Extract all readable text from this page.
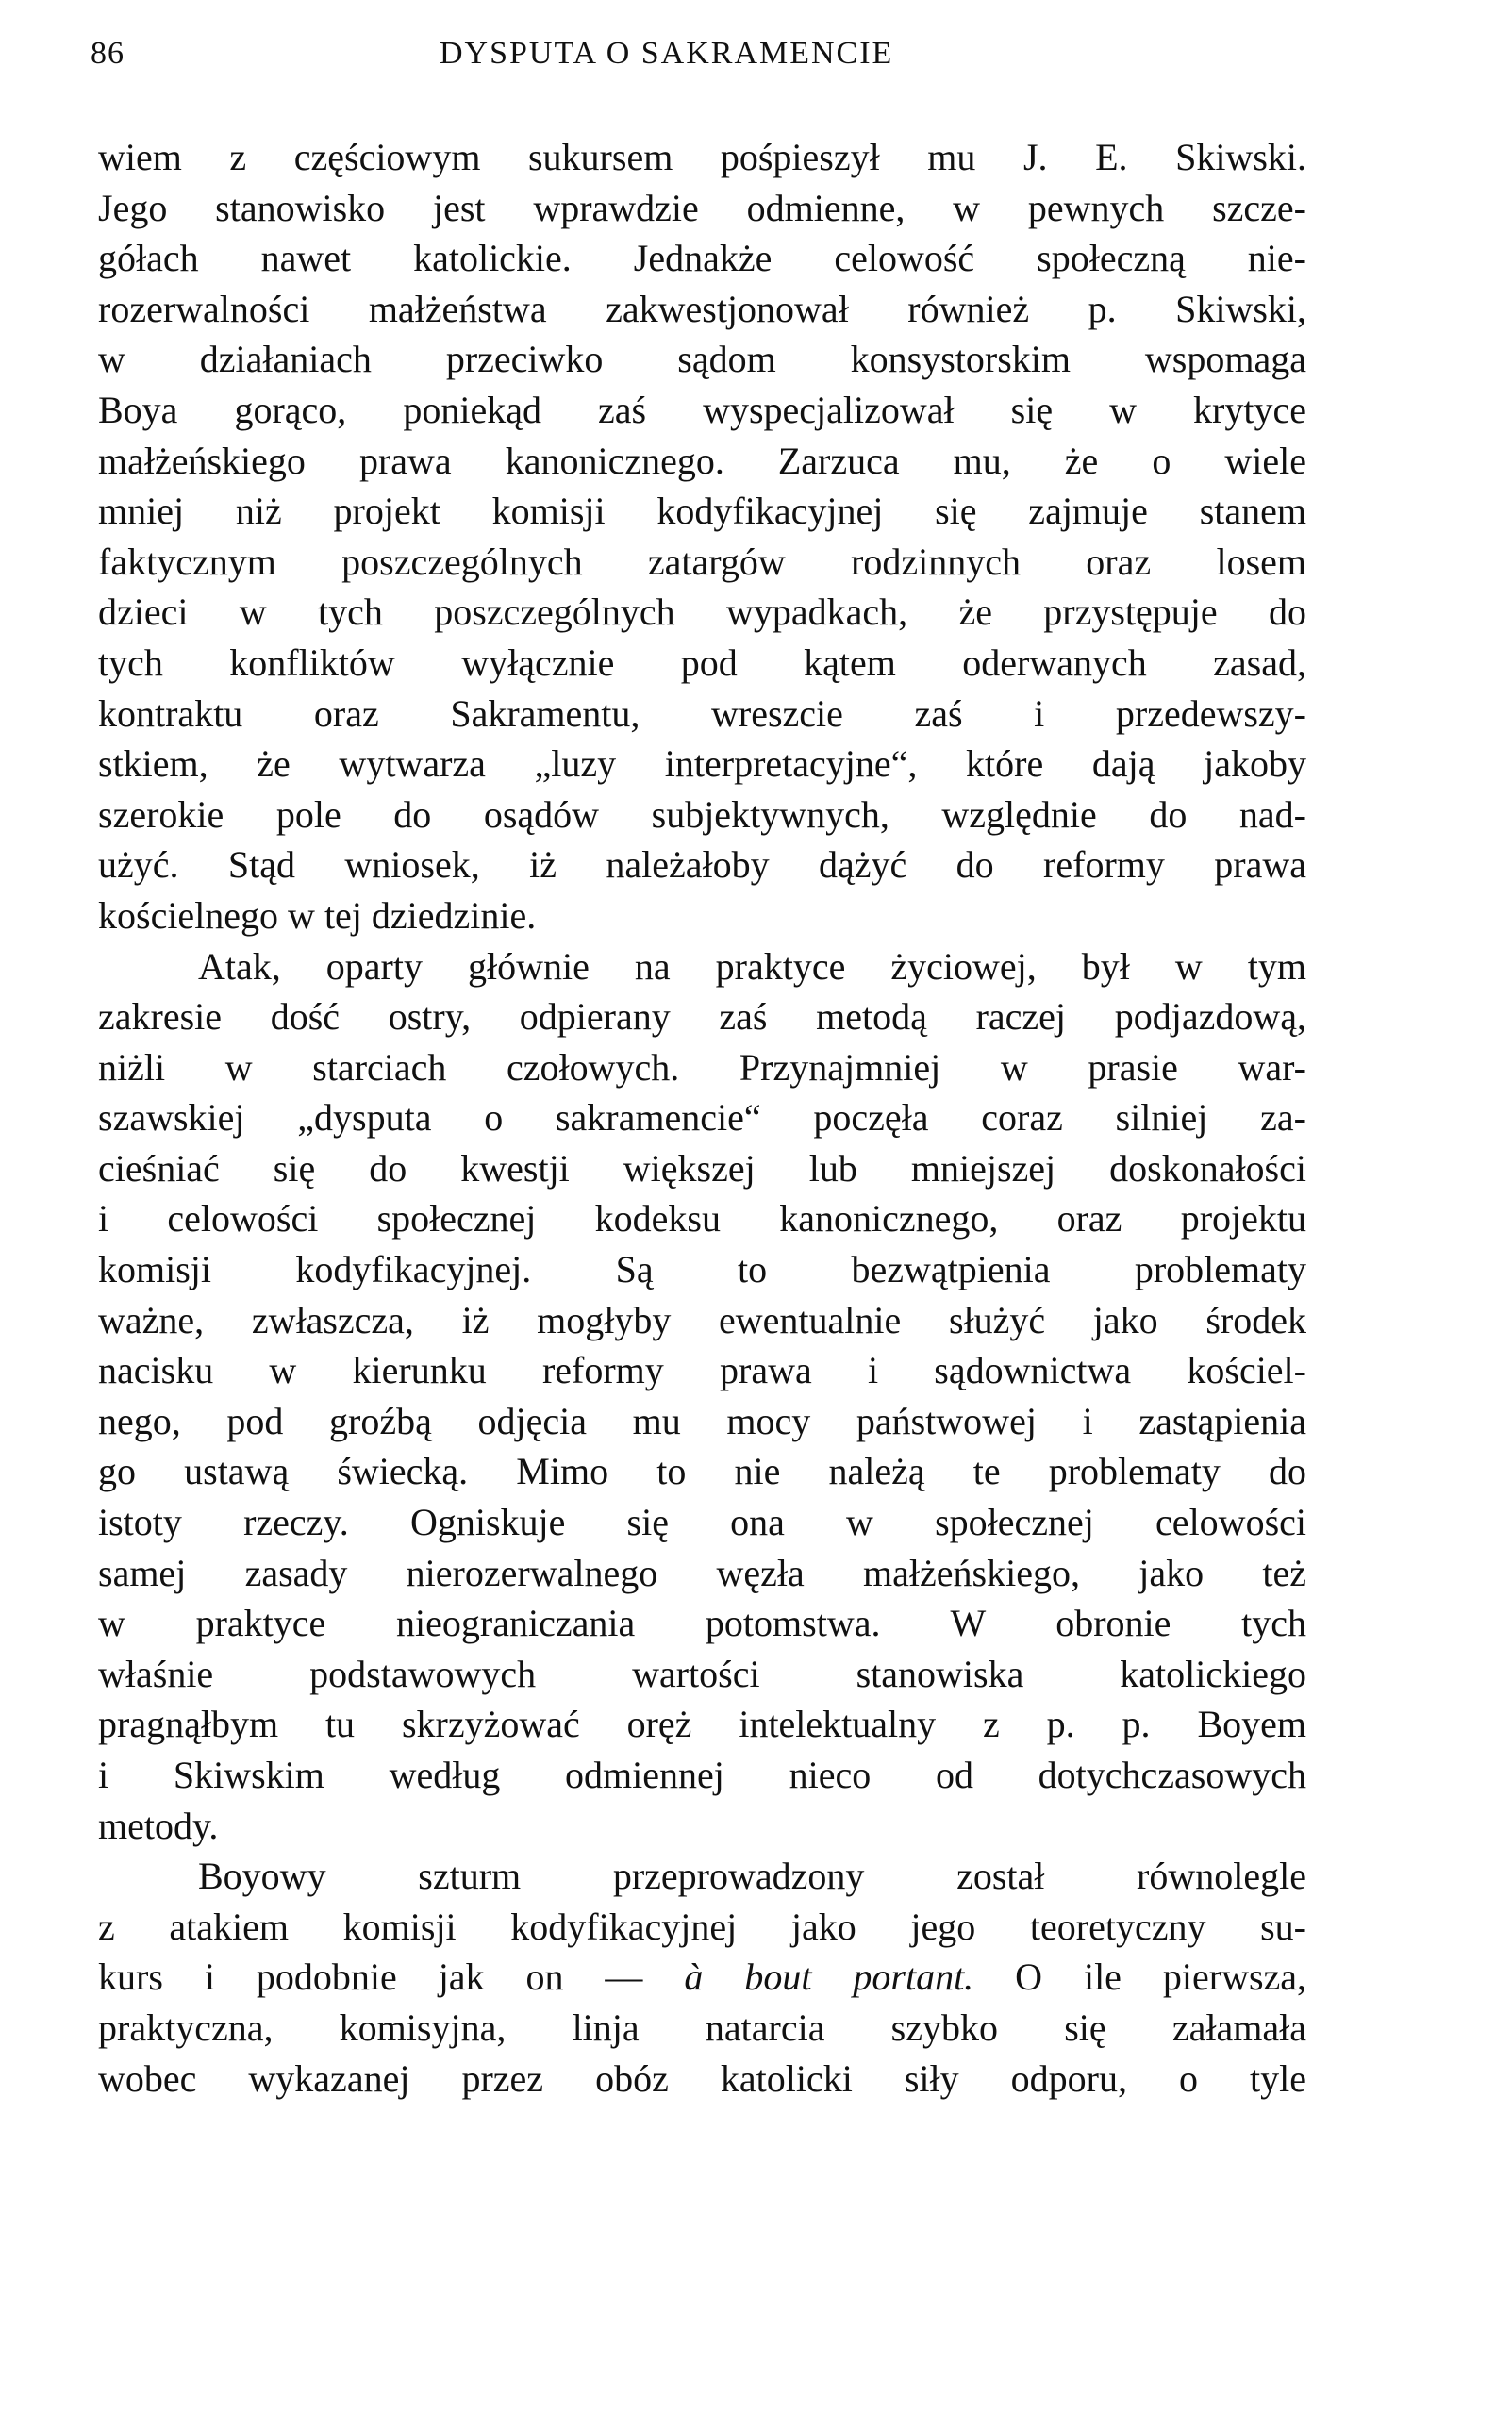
86	DYSPUTA O SAKRAMENCIE
wiem z częściowym sukursem pośpieszył mu J. E. Skiwski.
Jego stanowisko jest wprawdzie odmienne, w pewnych szcze-
gółach nawet katolickie. Jednakże celowość społeczną nie-
rozerwalności małżeństwa zakwestjonował również p. Skiwski,
w działaniach przeciwko sądom konsystorskim wspomaga
Boya gorąco, poniekąd zaś wyspecjalizował się w krytyce
małżeńskiego prawa kanonicznego. Zarzuca mu, że o wiele
mniej niż projekt komisji kodyfikacyjnej się zajmuje stanem
faktycznym poszczególnych zatargów rodzinnych oraz losem
dzieci w tych poszczególnych wypadkach, że przystępuje do
tych konfliktów wyłącznie pod kątem oderwanych zasad,
kontraktu oraz Sakramentu, wreszcie zaś i przedewszy-
stkiem, że wytwarza „luzy interpretacyjne“, które dają jakoby
szerokie pole do osądów subjektywnych, względnie do nad-
użyć. Stąd wniosek, iż należałoby dążyć do reformy prawa
kościelnego w tej dziedzinie.
Atak, oparty głównie na praktyce życiowej, był w tym
zakresie dość ostry, odpierany zaś metodą raczej podjazdową,
niżli w starciach czołowych. Przynajmniej w prasie war-
szawskiej „dysputa o sakramencie“ poczęła coraz silniej za-
cieśniać się do kwestji większej lub mniejszej doskonałości
i celowości społecznej kodeksu kanonicznego, oraz projektu
komisji kodyfikacyjnej. Są to bezwątpienia problematy
ważne, zwłaszcza, iż mogłyby ewentualnie służyć jako środek
nacisku w kierunku reformy prawa i sądownictwa kościel-
nego, pod groźbą odjęcia mu mocy państwowej i zastąpienia
go ustawą świecką. Mimo to nie należą te problematy do
istoty rzeczy. Ogniskuje się ona w społecznej celowości
samej zasady nierozerwalnego węzła małżeńskiego, jako też
w praktyce nieograniczania potomstwa. W obronie tych
właśnie podstawowych wartości stanowiska katolickiego
pragnąłbym tu skrzyżować oręż intelektualny z p. p. Boyem
i Skiwskim według odmiennej nieco od dotychczasowych
metody.
Boyowy szturm przeprowadzony został równolegle
z atakiem komisji kodyfikacyjnej jako jego teoretyczny su-
kurs i podobnie jak on — à bout portant. O ile pierwsza,
praktyczna, komisyjna, linja natarcia szybko się załamała
wobec wykazanej przez obóz katolicki siły odporu, o tyle
